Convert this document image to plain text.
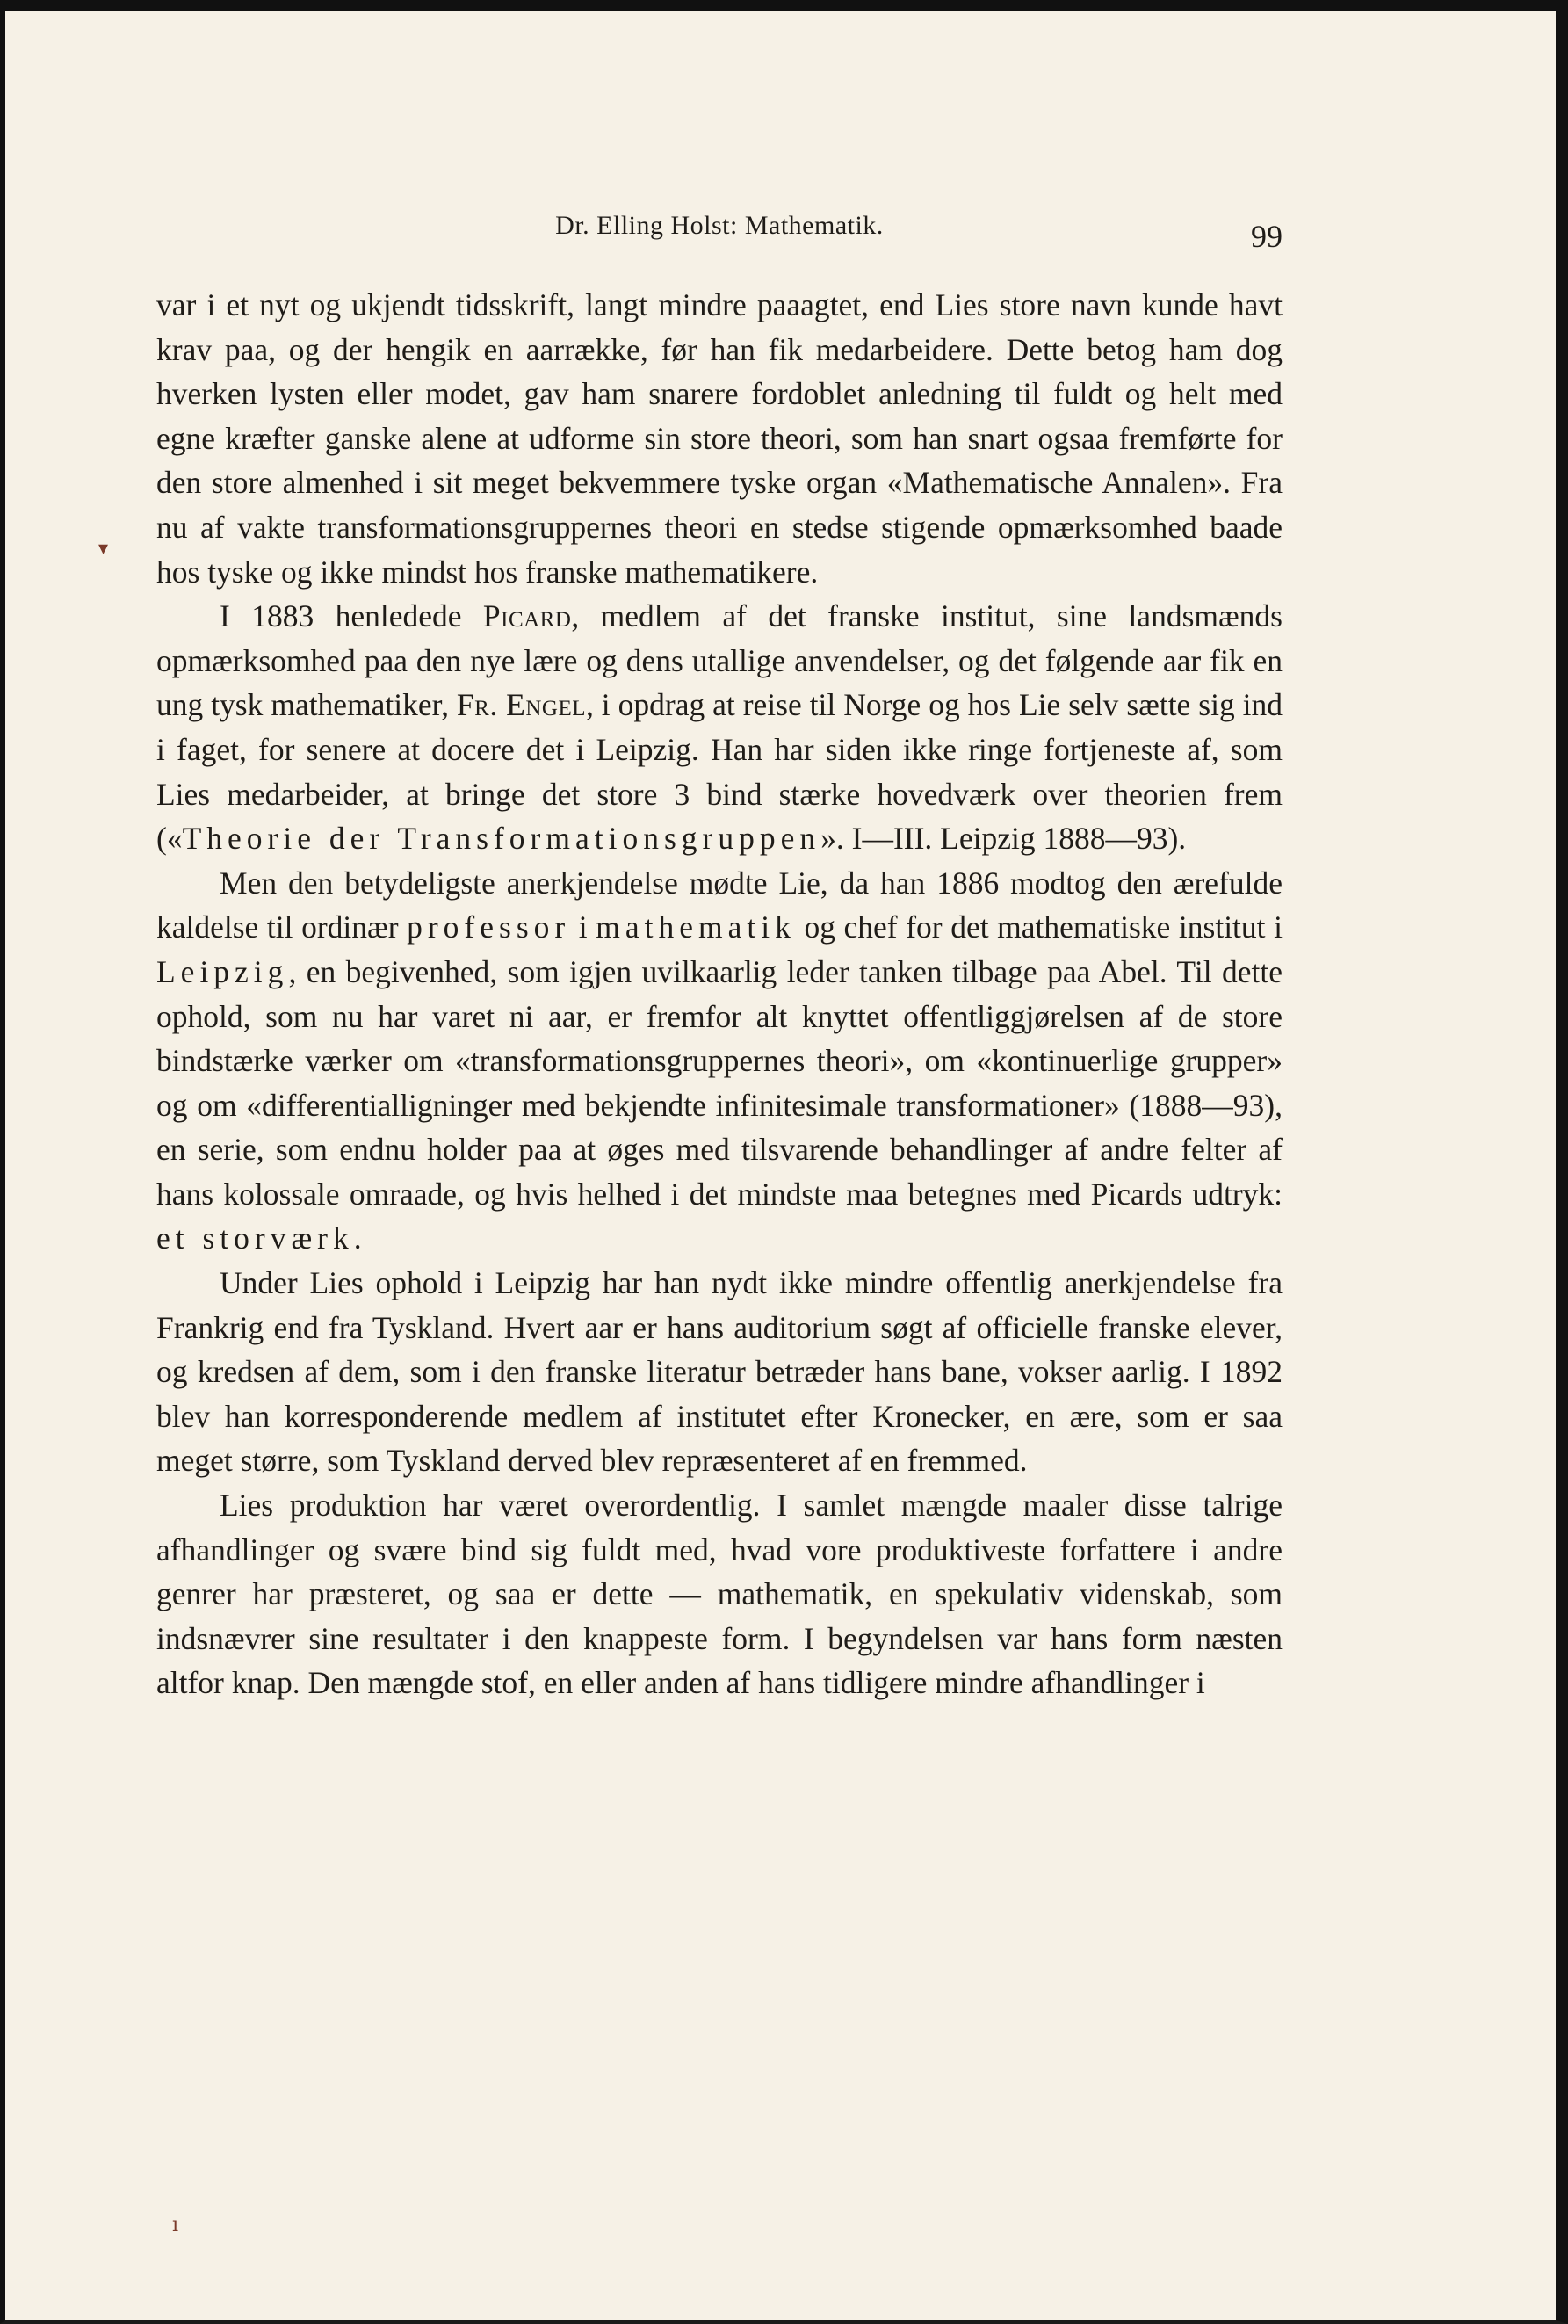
Dr. Elling Holst: Mathematik.	99

var i et nyt og ukjendt tidsskrift, langt mindre paaagtet, end Lies store navn kunde havt krav paa, og der hengik en aarrække, før han fik medarbeidere. Dette betog ham dog hverken lysten eller modet, gav ham snarere fordoblet anledning til fuldt og helt med egne kræfter ganske alene at udforme sin store theori, som han snart ogsaa fremførte for den store almenhed i sit meget bekvemmere tyske organ «Mathematische Annalen». Fra nu af vakte transformationsgruppernes theori en stedse stigende opmærksomhed baade hos tyske og ikke mindst hos franske mathematikere.

I 1883 henledede Picard, medlem af det franske institut, sine landsmænds opmærksomhed paa den nye lære og dens utallige anvendelser, og det følgende aar fik en ung tysk mathematiker, Fr. Engel, i opdrag at reise til Norge og hos Lie selv sætte sig ind i faget, for senere at docere det i Leipzig. Han har siden ikke ringe fortjeneste af, som Lies medarbeider, at bringe det store 3 bind stærke hovedværk over theorien frem («Theorie der Transformationsgruppen». I—III. Leipzig 1888—93).

Men den betydeligste anerkjendelse mødte Lie, da han 1886 modtog den ærefulde kaldelse til ordinær professor i mathematik og chef for det mathematiske institut i Leipzig, en begivenhed, som igjen uvilkaarlig leder tanken tilbage paa Abel. Til dette ophold, som nu har varet ni aar, er fremfor alt knyttet offentliggjørelsen af de store bindstærke værker om «transformationsgruppernes theori», om «kontinuerlige grupper» og om «differentialligninger med bekjendte infinitesimale transformationer» (1888—93), en serie, som endnu holder paa at øges med tilsvarende behandlinger af andre felter af hans kolossale omraade, og hvis helhed i det mindste maa betegnes med Picards udtryk: et storværk.

Under Lies ophold i Leipzig har han nydt ikke mindre offentlig anerkjendelse fra Frankrig end fra Tyskland. Hvert aar er hans auditorium søgt af officielle franske elever, og kredsen af dem, som i den franske literatur betræder hans bane, vokser aarlig. I 1892 blev han korresponderende medlem af institutet efter Kronecker, en ære, som er saa meget større, som Tyskland derved blev repræsenteret af en fremmed.

Lies produktion har været overordentlig. I samlet mængde maaler disse talrige afhandlinger og svære bind sig fuldt med, hvad vore produktiveste forfattere i andre genrer har præsteret, og saa er dette — mathematik, en spekulativ videnskab, som indsnævrer sine resultater i den knappeste form. I begyndelsen var hans form næsten altfor knap. Den mængde stof, en eller anden af hans tidligere mindre afhandlinger i

▾
ı
